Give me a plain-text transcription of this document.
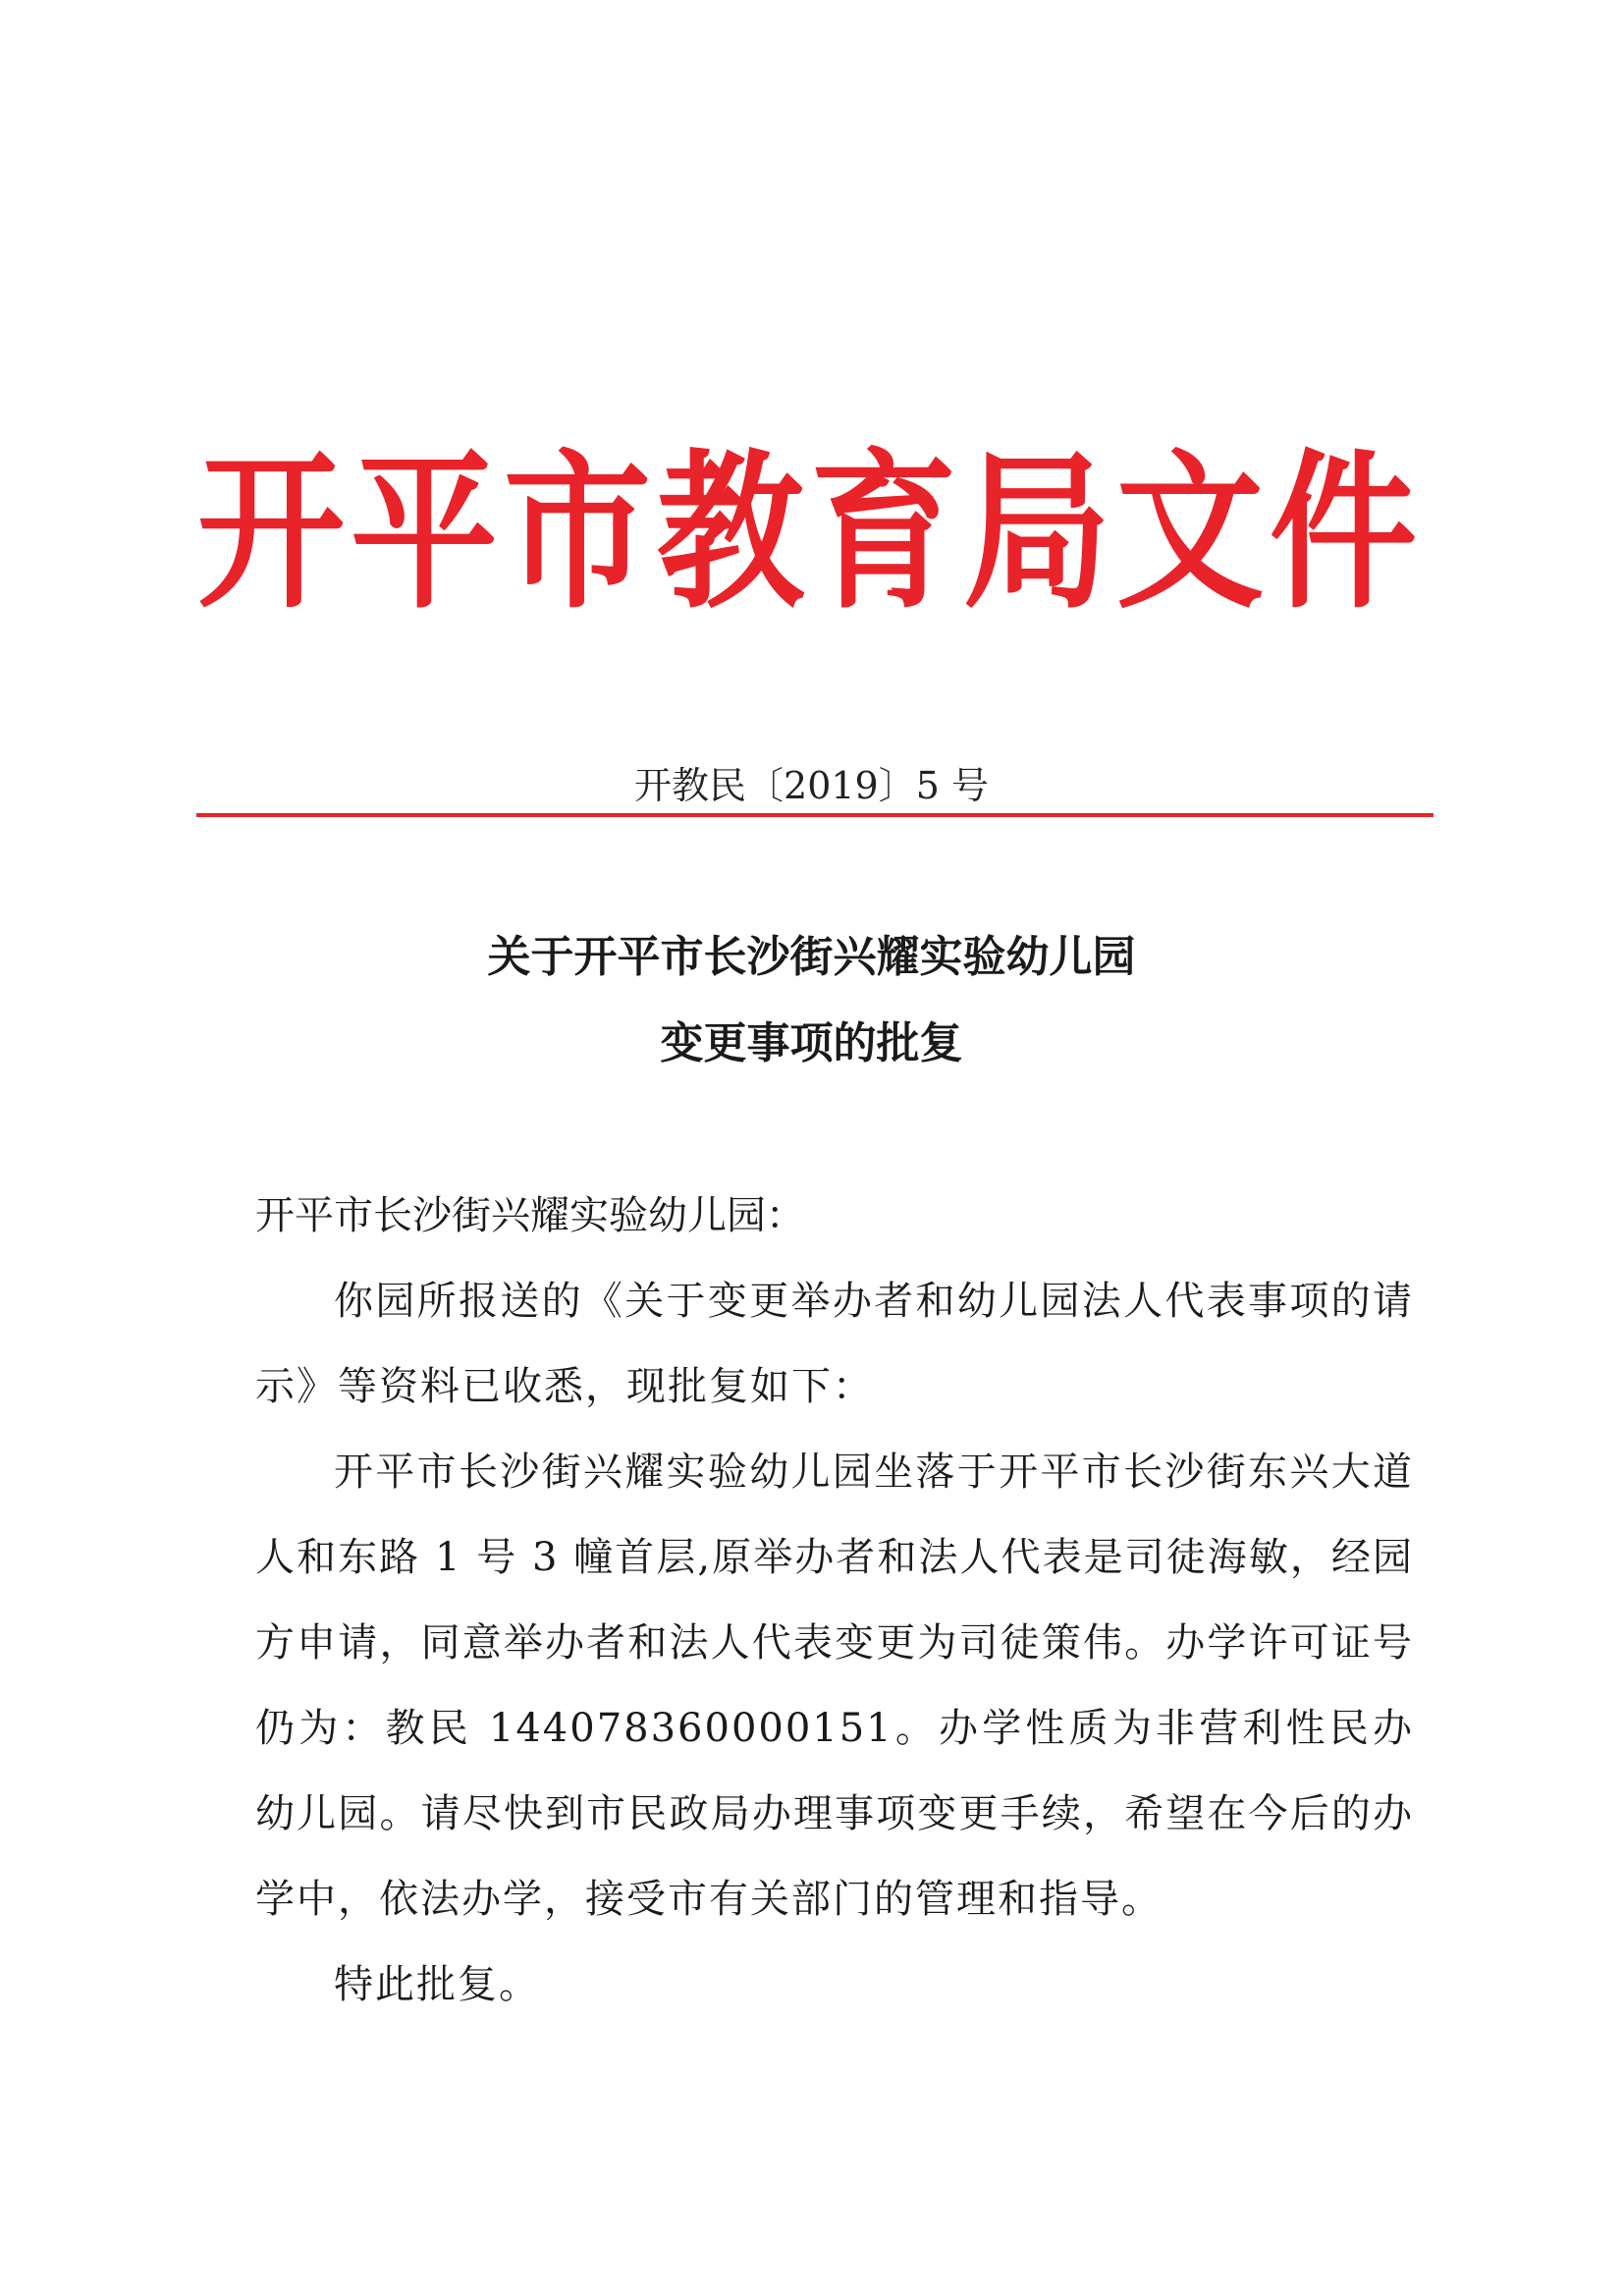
开平市教育局文件
开教民〔2019〕5 号
关于开平市长沙街兴耀实验幼儿园
变更事项的批复
开平市长沙街兴耀实验幼儿园：

你园所报送的《关于变更举办者和幼儿园法人代表事项的请示》等资料已收悉，现批复如下：

开平市长沙街兴耀实验幼儿园坐落于开平市长沙街东兴大道人和东路 1 号 3 幢首层,原举办者和法人代表是司徒海敏，经园方申请，同意举办者和法人代表变更为司徒策伟。办学许可证号仍为：教民 144078360000151。办学性质为非营利性民办幼儿园。请尽快到市民政局办理事项变更手续，希望在今后的办学中，依法办学，接受市有关部门的管理和指导。

特此批复。
